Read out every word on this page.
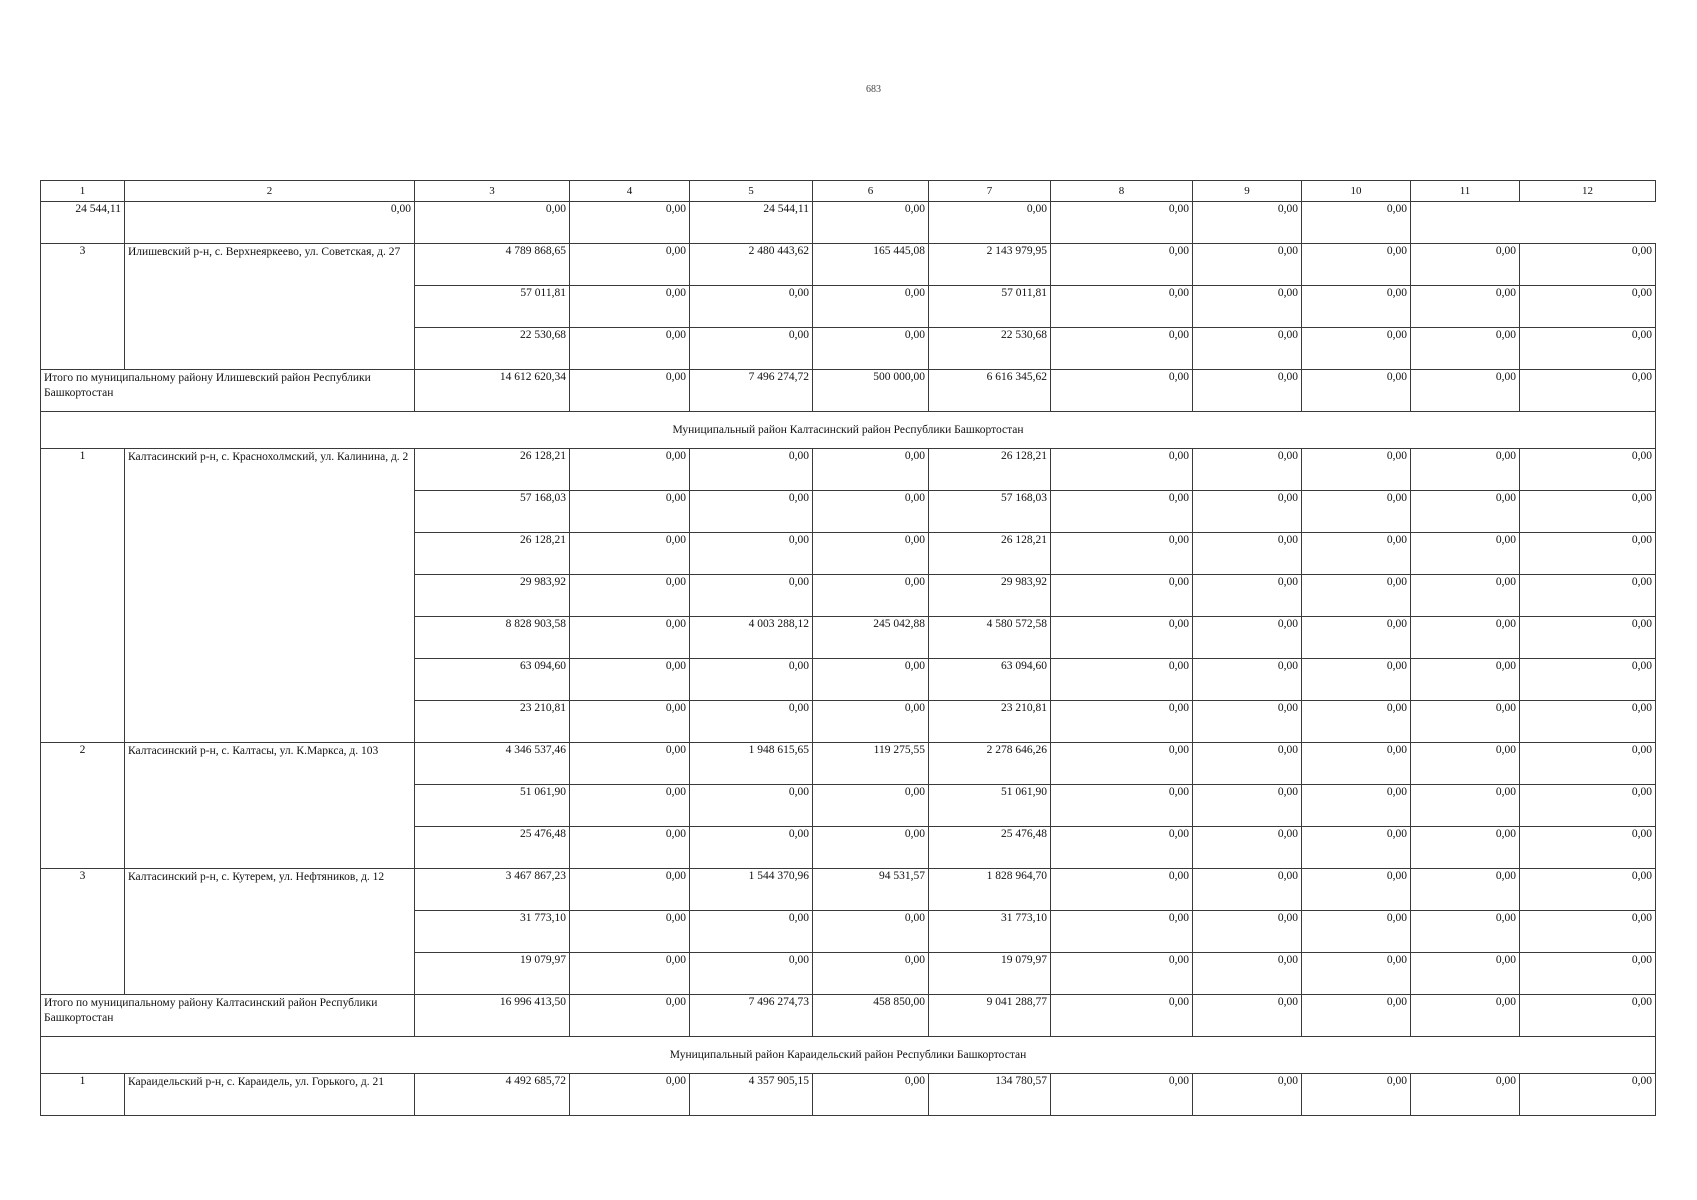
683
1	2	3	4	5	6	7	8	9	10	11	12
24 544,11	0,00	0,00	0,00	24 544,11	0,00	0,00	0,00	0,00	0,00		
3	Илишевский р-н, с. Верхнеяркеево, ул. Советская, д. 27	4 789 868,65	0,00	2 480 443,62	165 445,08	2 143 979,95	0,00	0,00	0,00	0,00	0,00
		57 011,81	0,00	0,00	0,00	57 011,81	0,00	0,00	0,00	0,00	0,00
		22 530,68	0,00	0,00	0,00	22 530,68	0,00	0,00	0,00	0,00	0,00
Итого по муниципальному району Илишевский район Республики Башкортостан		14 612 620,34	0,00	7 496 274,72	500 000,00	6 616 345,62	0,00	0,00	0,00	0,00	0,00
Муниципальный район Калтасинский район Республики Башкортостан											
1	Калтасинский р-н, с. Краснохолмский, ул. Калинина, д. 2	26 128,21	0,00	0,00	0,00	26 128,21	0,00	0,00	0,00	0,00	0,00
		57 168,03	0,00	0,00	0,00	57 168,03	0,00	0,00	0,00	0,00	0,00
		26 128,21	0,00	0,00	0,00	26 128,21	0,00	0,00	0,00	0,00	0,00
		29 983,92	0,00	0,00	0,00	29 983,92	0,00	0,00	0,00	0,00	0,00
		8 828 903,58	0,00	4 003 288,12	245 042,88	4 580 572,58	0,00	0,00	0,00	0,00	0,00
		63 094,60	0,00	0,00	0,00	63 094,60	0,00	0,00	0,00	0,00	0,00
		23 210,81	0,00	0,00	0,00	23 210,81	0,00	0,00	0,00	0,00	0,00
2	Калтасинский р-н, с. Калтасы, ул. К.Маркса, д. 103	4 346 537,46	0,00	1 948 615,65	119 275,55	2 278 646,26	0,00	0,00	0,00	0,00	0,00
		51 061,90	0,00	0,00	0,00	51 061,90	0,00	0,00	0,00	0,00	0,00
		25 476,48	0,00	0,00	0,00	25 476,48	0,00	0,00	0,00	0,00	0,00
3	Калтасинский р-н, с. Кутерем, ул. Нефтяников, д. 12	3 467 867,23	0,00	1 544 370,96	94 531,57	1 828 964,70	0,00	0,00	0,00	0,00	0,00
		31 773,10	0,00	0,00	0,00	31 773,10	0,00	0,00	0,00	0,00	0,00
		19 079,97	0,00	0,00	0,00	19 079,97	0,00	0,00	0,00	0,00	0,00
Итого по муниципальному району Калтасинский район Республики Башкортостан		16 996 413,50	0,00	7 496 274,73	458 850,00	9 041 288,77	0,00	0,00	0,00	0,00	0,00
Муниципальный район Караидельский район Республики Башкортостан											
1	Караидельский р-н, с. Караидель, ул. Горького, д. 21	4 492 685,72	0,00	4 357 905,15	0,00	134 780,57	0,00	0,00	0,00	0,00	0,00
